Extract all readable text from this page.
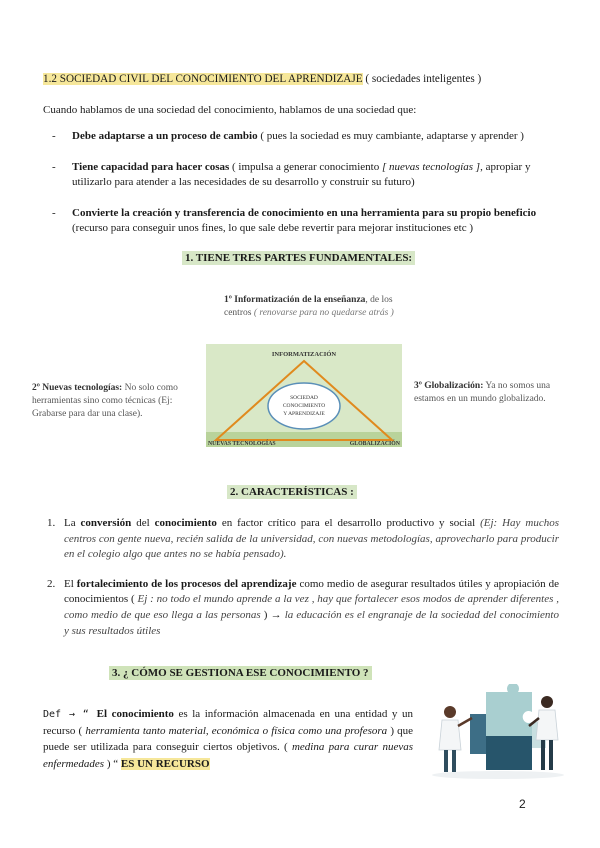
1.2 SOCIEDAD CIVIL DEL CONOCIMIENTO DEL APRENDIZAJE ( sociedades inteligentes )
Cuando hablamos de una sociedad del conocimiento, hablamos de una sociedad que:
- Debe adaptarse a un proceso de cambio ( pues la sociedad es muy cambiante, adaptarse y aprender )
- Tiene capacidad para hacer cosas ( impulsa a generar conocimiento [ nuevas tecnologías ], apropiar y utilizarlo para atender a las necesidades de su desarrollo y construir su futuro)
- Convierte la creación y transferencia de conocimiento en una herramienta para su propio beneficio (recurso para conseguir unos fines, lo que sale debe revertir para mejorar instituciones etc )
1. TIENE TRES PARTES FUNDAMENTALES:
1º Informatización de la enseñanza, de los centros ( renovarse para no quedarse atrás )
2º Nuevas tecnologías: No solo como herramientas sino como técnicas (Ej: Grabarse para dar una clase).
3º Globalización: Ya no somos una
estamos en un mundo globalizado.
INFORMATIZACIÓN
SOCIEDAD
CONOCIMIENTO
Y APRENDIZAJE
NUEVAS TECNOLOGÍAS	GLOBALIZACIÓN
2. CARACTERÍSTICAS :
1. La conversión del conocimiento en factor crítico para el desarrollo productivo y social (Ej: Hay muchos centros con gente nueva, recién salida de la universidad, con nuevas metodologías, aprovecharlo para producir en el colegio algo que antes no se había pensado).
2. El fortalecimiento de los procesos del aprendizaje como medio de asegurar resultados útiles y apropiación de conocimientos ( Ej : no todo el mundo aprende a la vez , hay que fortalecer esos modos de aprender diferentes , como medio de que eso llega a las personas ) → la educación es el engranaje de la sociedad del conocimiento y sus resultados útiles
3. ¿ CÓMO SE GESTIONA ESE CONOCIMIENTO ?
Def → “ El conocimiento es la información almacenada en una entidad y un recurso ( herramienta tanto material, económica o física como una profesora ) que puede ser utilizada para conseguir ciertos objetivos. ( medina para curar nuevas enfermedades ) “ ES UN RECURSO
2
